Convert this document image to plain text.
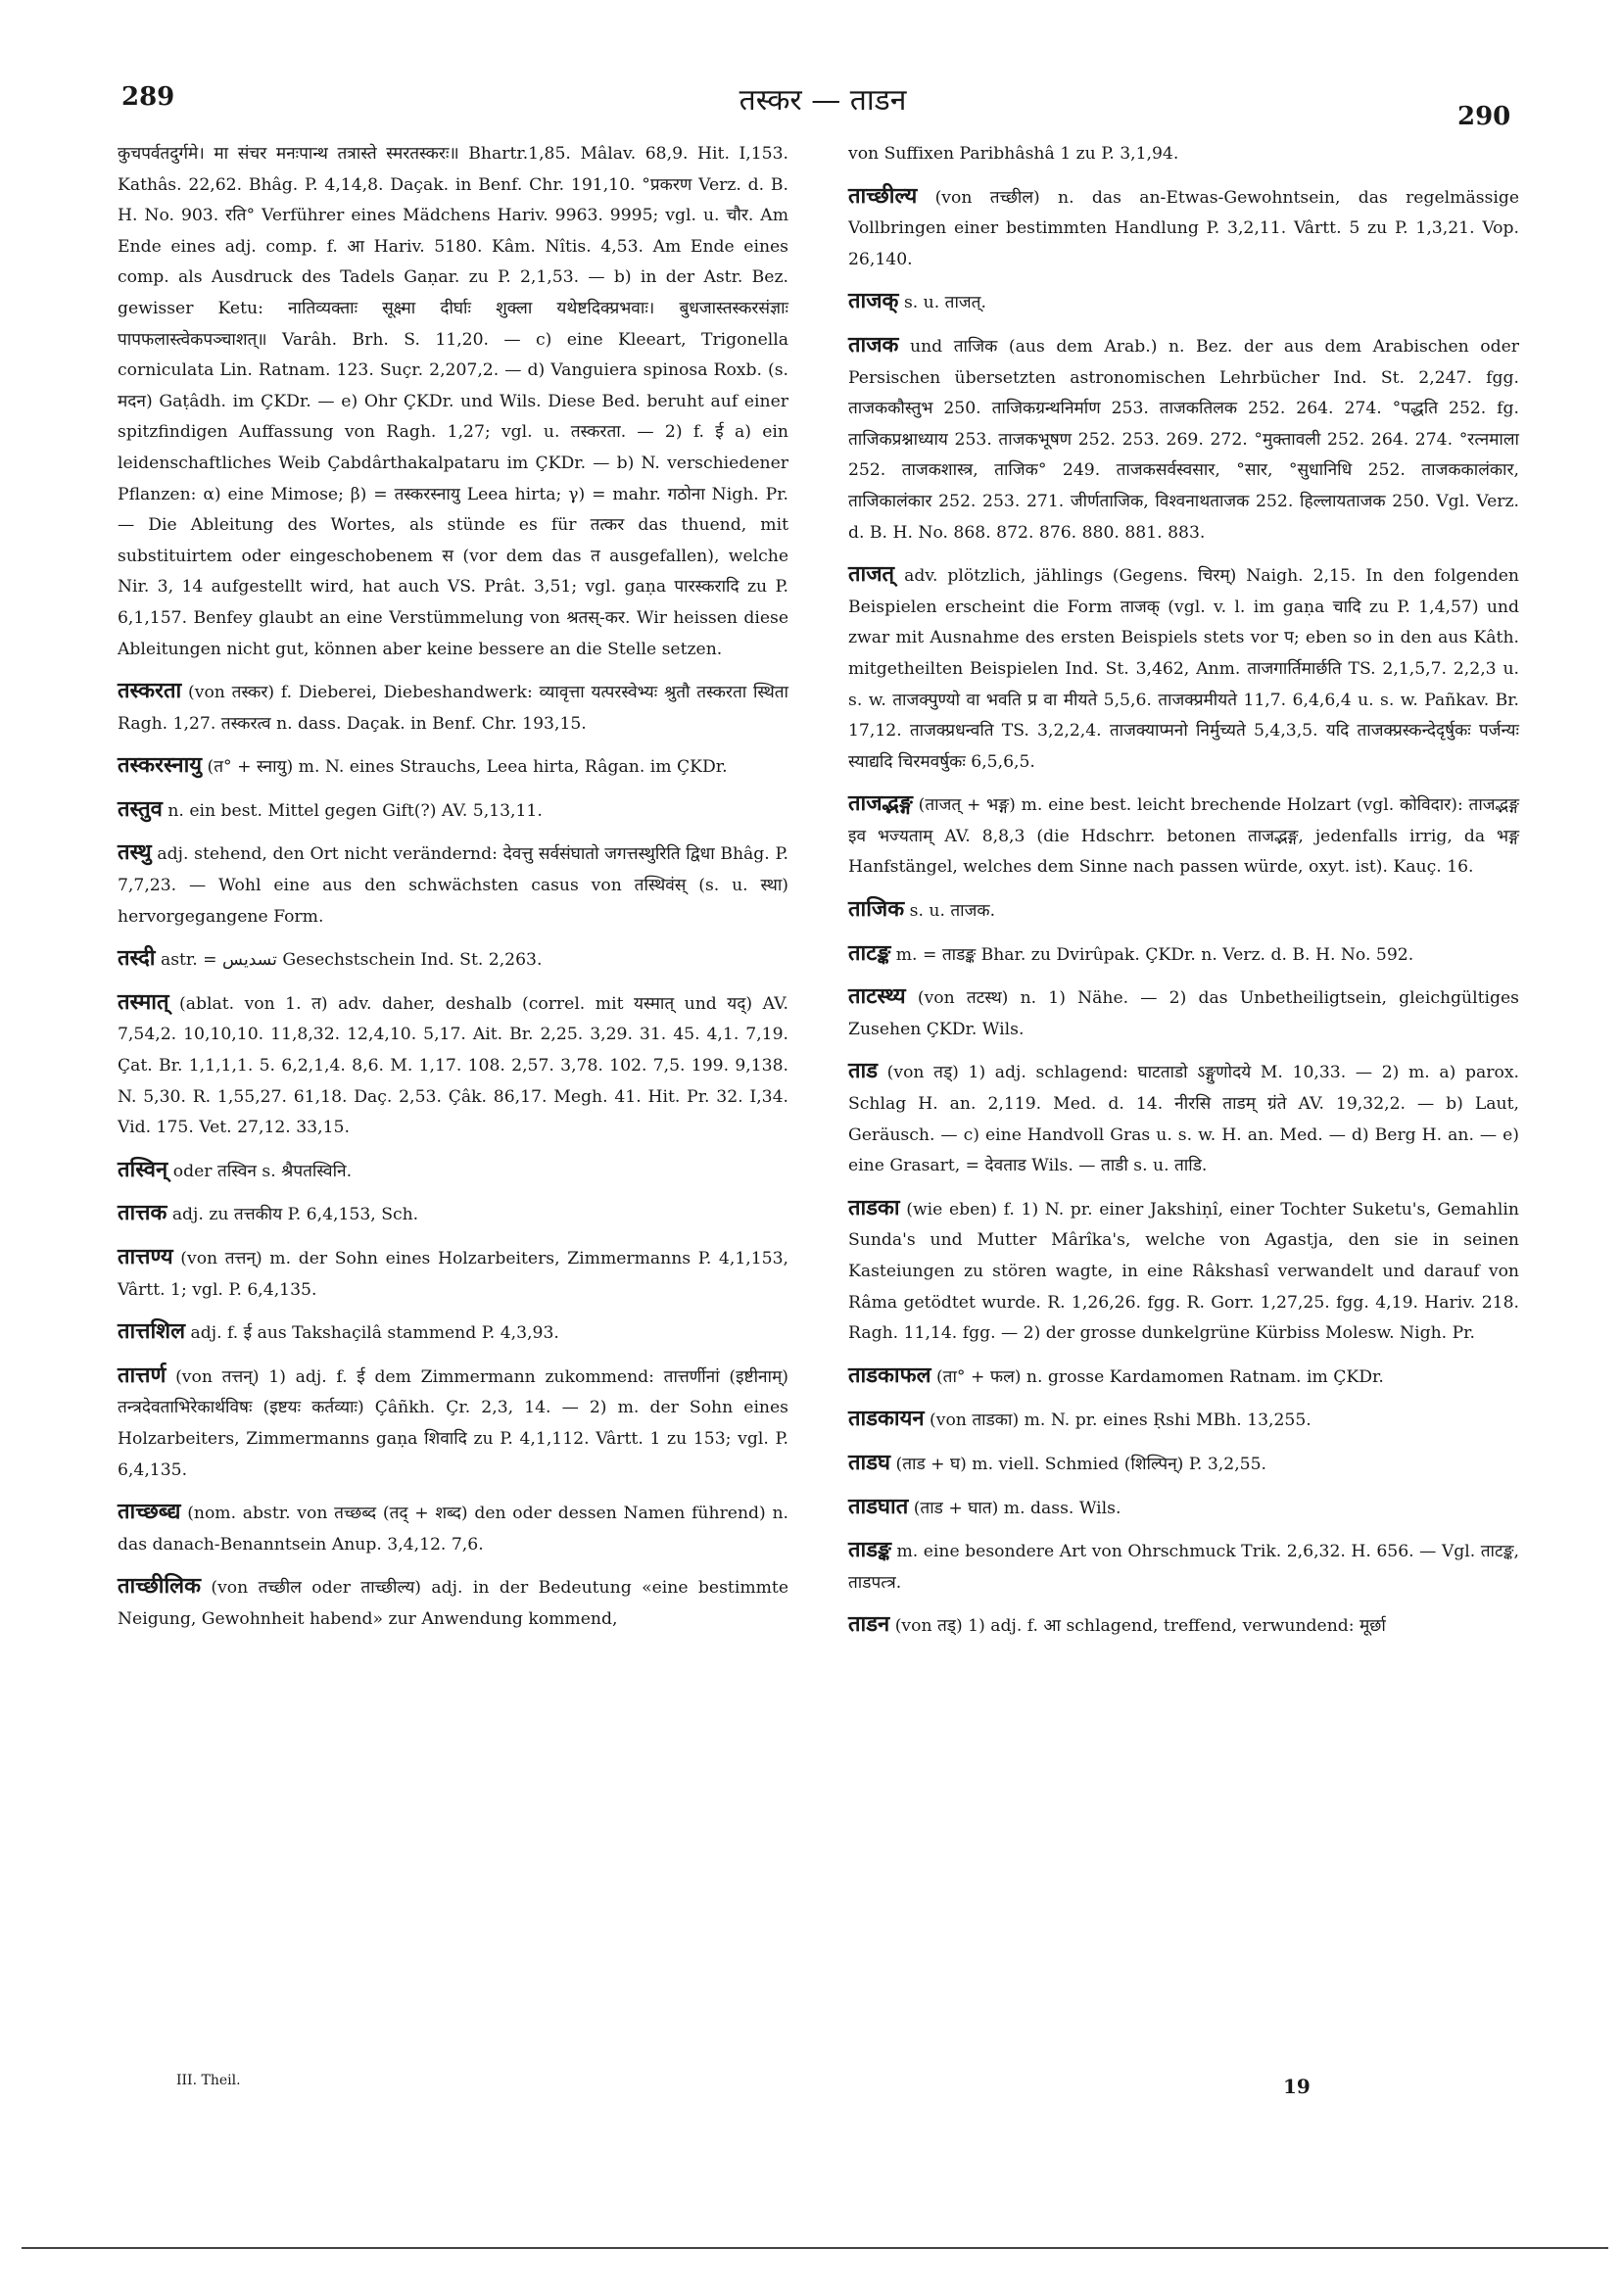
289	तस्कर — ताडन	290
कुचपर्वतदुर्गमे। मा संचर मनःपान्थ तत्रास्ते स्मरतस्करः॥ Bhartr.1,85. Mâlav. 68,9. Hit. I,153. Kathâs. 22,62. Bhâg. P. 4,14,8. Daçak. in Benf. Chr. 191,10. °प्रकरण Verz. d. B. H. No. 903. रति° Verführer eines Mädchens Hariv. 9963. 9995; vgl. u. चौर. Am Ende eines adj. comp. f. आ Hariv. 5180. Kâm. Nîtis. 4,53. Am Ende eines comp. als Ausdruck des Tadels Gaṇar. zu P. 2,1,53. — b) in der Astr. Bez. gewisser Ketu: नातिव्यक्ताः सूक्ष्मा दीर्घाः शुक्ला यथेष्टदिक्प्रभवाः। बुधजास्तस्करसंज्ञाः पापफलास्त्वेकपञ्चाशत्॥ Varâh. Brh. S. 11,20. — c) eine Kleeart, Trigonella corniculata Lin. Ratnam. 123. Suçr. 2,207,2. — d) Vanguiera spinosa Roxb. (s. मदन) Gaṭâdh. im ÇKDr. — e) Ohr ÇKDr. und Wils. Diese Bed. beruht auf einer spitzfindigen Auffassung von Ragh. 1,27; vgl. u. तस्करता. — 2) f. ई a) ein leidenschaftliches Weib Çabdârthakalpataru im ÇKDr. — b) N. verschiedener Pflanzen: α) eine Mimose; β) = तस्करस्नायु Leea hirta; γ) = mahr. गठोना Nigh. Pr. — Die Ableitung des Wortes, als stünde es für तत्कर das thuend, mit substituirtem oder eingeschobenem स (vor dem das त ausgefallen), welche Nir. 3, 14 aufgestellt wird, hat auch VS. Prât. 3,51; vgl. gaṇa पारस्करादि zu P. 6,1,157. Benfey glaubt an eine Verstümmelung von श्रतस्-कर. Wir heissen diese Ableitungen nicht gut, können aber keine bessere an die Stelle setzen.
तस्करता (von तस्कर) f. Dieberei, Diebeshandwerk: व्यावृत्ता यत्परस्वेभ्यः श्रुतौ तस्करता स्थिता Ragh. 1,27. तस्करत्व n. dass. Daçak. in Benf. Chr. 193,15.
तस्करस्नायु (त° + स्नायु) m. N. eines Strauchs, Leea hirta, Râgan. im ÇKDr.
तस्तुव n. ein best. Mittel gegen Gift(?) AV. 5,13,11.
तस्थु adj. stehend, den Ort nicht verändernd: देवत्तु सर्वसंघातो जगत्तस्थुरिति द्विधा Bhâg. P. 7,7,23. — Wohl eine aus den schwächsten casus von तस्थिवंस् (s. u. स्था) hervorgegangene Form.
तस्दी astr. = تسدیس Gesechstschein Ind. St. 2,263.
तस्मात् (ablat. von 1. त) adv. daher, deshalb (correl. mit यस्मात् und यद्) AV. 7,54,2. 10,10,10. 11,8,32. 12,4,10. 5,17. Ait. Br. 2,25. 3,29. 31. 45. 4,1. 7,19. Çat. Br. 1,1,1,1. 5. 6,2,1,4. 8,6. M. 1,17. 108. 2,57. 3,78. 102. 7,5. 199. 9,138. N. 5,30. R. 1,55,27. 61,18. Daç. 2,53. Çâk. 86,17. Megh. 41. Hit. Pr. 32. I,34. Vid. 175. Vet. 27,12. 33,15.
तस्विन् oder तस्विन s. श्रैपतस्विनि.
तात्तक adj. zu तत्तकीय P. 6,4,153, Sch.
तात्तण्य (von तत्तन्) m. der Sohn eines Holzarbeiters, Zimmermanns P. 4,1,153, Vârtt. 1; vgl. P. 6,4,135.
तात्तशिल adj. f. ई aus Takshaçilâ stammend P. 4,3,93.
तात्तर्ण (von तत्तन्) 1) adj. f. ई dem Zimmermann zukommend: तात्तर्णीनां (इष्टीनाम्) तन्त्रदेवताभिरेकार्थविषः (इष्टयः कर्तव्याः) Çâñkh. Çr. 2,3, 14. — 2) m. der Sohn eines Holzarbeiters, Zimmermanns gaṇa शिवादि zu P. 4,1,112. Vârtt. 1 zu 153; vgl. P. 6,4,135.
ताच्छब्द्य (nom. abstr. von तच्छब्द (तद् + शब्द) den oder dessen Namen führend) n. das danach-Benanntsein Anup. 3,4,12. 7,6.
ताच्छीलिक (von तच्छील oder ताच्छील्य) adj. in der Bedeutung «eine bestimmte Neigung, Gewohnheit habend» zur Anwendung kommend,
von Suffixen Paribhâshâ 1 zu P. 3,1,94.
ताच्छील्य (von तच्छील) n. das an-Etwas-Gewohntsein, das regelmässige Vollbringen einer bestimmten Handlung P. 3,2,11. Vârtt. 5 zu P. 1,3,21. Vop. 26,140.
ताजक् s. u. ताजत्.
ताजक und ताजिक (aus dem Arab.) n. Bez. der aus dem Arabischen oder Persischen übersetzten astronomischen Lehrbücher Ind. St. 2,247. fgg. ताजककौस्तुभ 250. ताजिकग्रन्थनिर्माण 253. ताजकतिलक 252. 264. 274. °पद्धति 252. fg. ताजिकप्रश्नाध्याय 253. ताजकभूषण 252. 253. 269. 272. °मुक्तावली 252. 264. 274. °रत्नमाला 252. ताजकशास्त्र, ताजिक° 249. ताजकसर्वस्वसार, °सार, °सुधानिधि 252. ताजककालंकार, ताजिकालंकार 252. 253. 271. जीर्णताजिक, विश्वनाथताजक 252. हिल्लायताजक 250. Vgl. Verz. d. B. H. No. 868. 872. 876. 880. 881. 883.
ताजत् adv. plötzlich, jählings (Gegens. चिरम्) Naigh. 2,15. In den folgenden Beispielen erscheint die Form ताजक् (vgl. v. l. im gaṇa चादि zu P. 1,4,57) und zwar mit Ausnahme des ersten Beispiels stets vor प; eben so in den aus Kâth. mitgetheilten Beispielen Ind. St. 3,462, Anm. ताजगार्तिमार्छति TS. 2,1,5,7. 2,2,3 u. s. w. ताजक्पुण्यो वा भवति प्र वा मीयते 5,5,6. ताजक्प्रमीयते 11,7. 6,4,6,4 u. s. w. Pañkav. Br. 17,12. ताजक्प्रधन्वति TS. 3,2,2,4. ताजक्याप्मनो निर्मुच्यते 5,4,3,5. यदि ताजक्प्रस्कन्देदृर्षुकः पर्जन्यः स्याद्यदि चिरमवर्षुकः 6,5,6,5.
ताजद्भङ्ग (ताजत् + भङ्ग) m. eine best. leicht brechende Holzart (vgl. कोविदार): ताजद्भङ्ग इव भज्यताम् AV. 8,8,3 (die Hdschrr. betonen ताजद्भङ्ग, jedenfalls irrig, da भङ्ग Hanfstängel, welches dem Sinne nach passen würde, oxyt. ist). Kauç. 16.
ताजिक s. u. ताजक.
ताटङ्क m. = ताडङ्क Bhar. zu Dvirûpak. ÇKDr. n. Verz. d. B. H. No. 592.
ताटस्थ्य (von तटस्थ) n. 1) Nähe. — 2) das Unbetheiligtsein, gleichgültiges Zusehen ÇKDr. Wils.
ताड (von तड्) 1) adj. schlagend: घाटताडो ऽङ्गुणोदये M. 10,33. — 2) m. a) parox. Schlag H. an. 2,119. Med. d. 14. नीरसि ताडम् ग्रंते AV. 19,32,2. — b) Laut, Geräusch. — c) eine Handvoll Gras u. s. w. H. an. Med. — d) Berg H. an. — e) eine Grasart, = देवताड Wils. — ताडी s. u. ताडि.
ताडका (wie eben) f. 1) N. pr. einer Jakshiṇî, einer Tochter Suketu's, Gemahlin Sunda's und Mutter Mârîka's, welche von Agastja, den sie in seinen Kasteiungen zu stören wagte, in eine Râkshasî verwandelt und darauf von Râma getödtet wurde. R. 1,26,26. fgg. R. Gorr. 1,27,25. fgg. 4,19. Hariv. 218. Ragh. 11,14. fgg. — 2) der grosse dunkelgrüne Kürbiss Molesw. Nigh. Pr.
ताडकाफल (ता° + फल) n. grosse Kardamomen Ratnam. im ÇKDr.
ताडकायन (von ताडका) m. N. pr. eines Ṛshi MBh. 13,255.
ताडघ (ताड + घ) m. viell. Schmied (शिल्पिन्) P. 3,2,55.
ताडघात (ताड + घात) m. dass. Wils.
ताडङ्क m. eine besondere Art von Ohrschmuck Trik. 2,6,32. H. 656. — Vgl. ताटङ्क, ताडपत्त्र.
ताडन (von तड्) 1) adj. f. आ schlagend, treffend, verwundend: मूर्छा
III. Theil.	19
